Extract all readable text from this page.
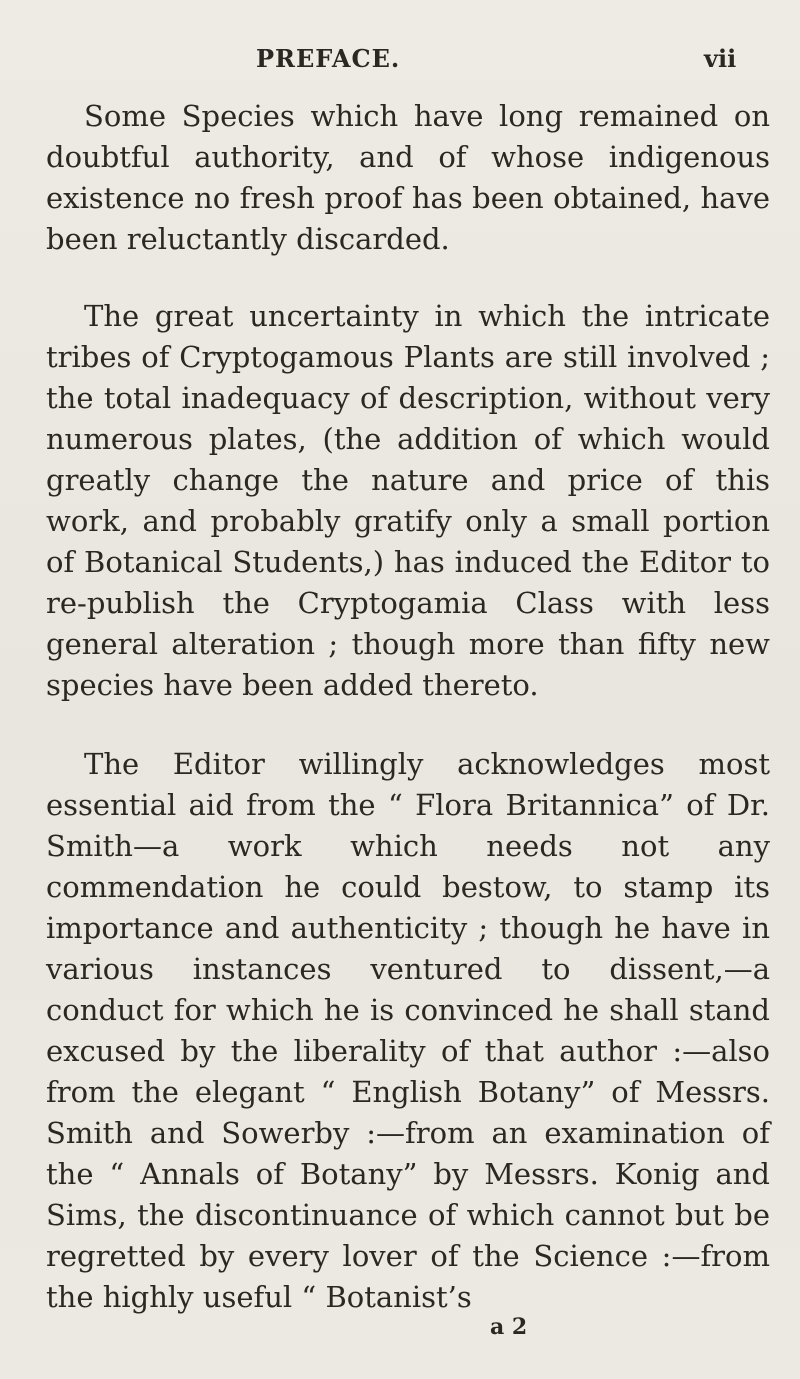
PREFACE.	vii

Some Species which have long remained on doubtful authority, and of whose indigenous existence no fresh proof has been obtained, have been reluctantly discarded.

The great uncertainty in which the intricate tribes of Cryptogamous Plants are still involved ; the total inadequacy of description, without very numerous plates, (the addition of which would greatly change the nature and price of this work, and probably gratify only a small portion of Botanical Students,) has induced the Editor to re-publish the Cryptogamia Class with less general alteration ; though more than fifty new species have been added thereto.

The Editor willingly acknowledges most essential aid from the “ Flora Britannica” of Dr. Smith—a work which needs not any commendation he could bestow, to stamp its importance and authenticity ; though he have in various instances ventured to dissent,—a conduct for which he is convinced he shall stand excused by the liberality of that author :—also from the elegant “ English Botany” of Messrs. Smith and Sowerby :—from an examination of the “ Annals of Botany” by Messrs. Konig and Sims, the discontinuance of which cannot but be regretted by every lover of the Science :—from the highly useful “ Botanist’s

a 2
